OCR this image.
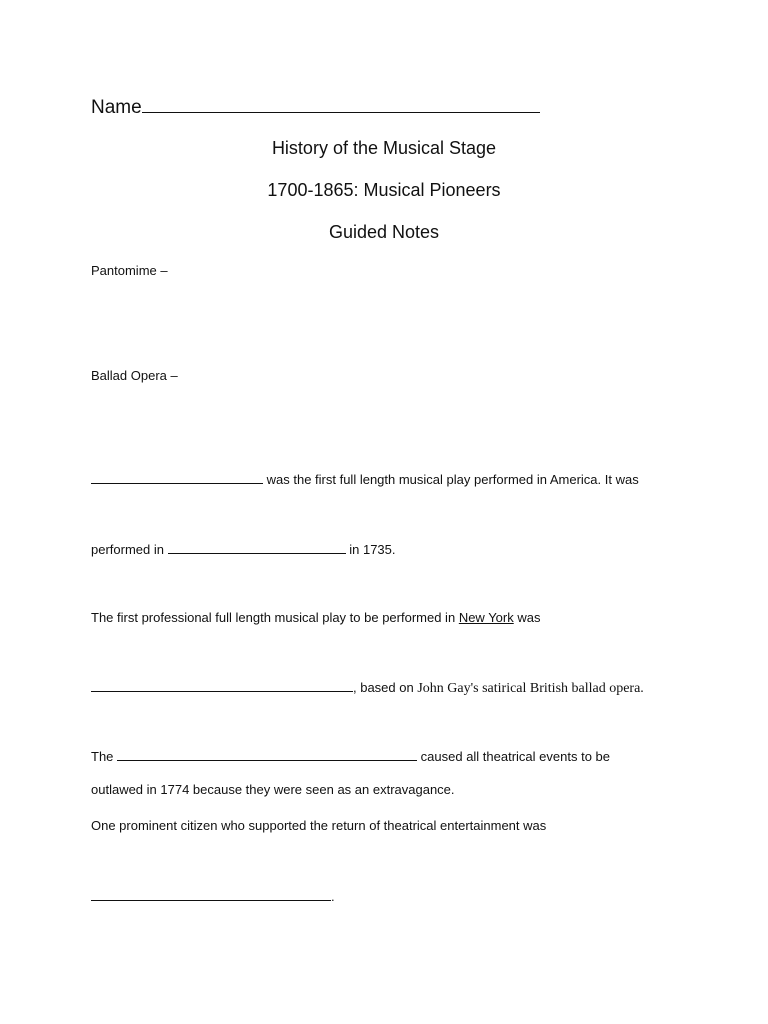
Name
History of the Musical Stage
1700-1865: Musical Pioneers
Guided Notes
Pantomime –
Ballad Opera –
was the first full length musical play performed in America. It was
performed in	in 1735.
The first professional full length musical play to be performed in New York was
, based on John Gay's satirical British ballad opera.
The	caused all theatrical events to be
outlawed in 1774 because they were seen as an extravagance.
One prominent citizen who supported the return of theatrical entertainment was
.
